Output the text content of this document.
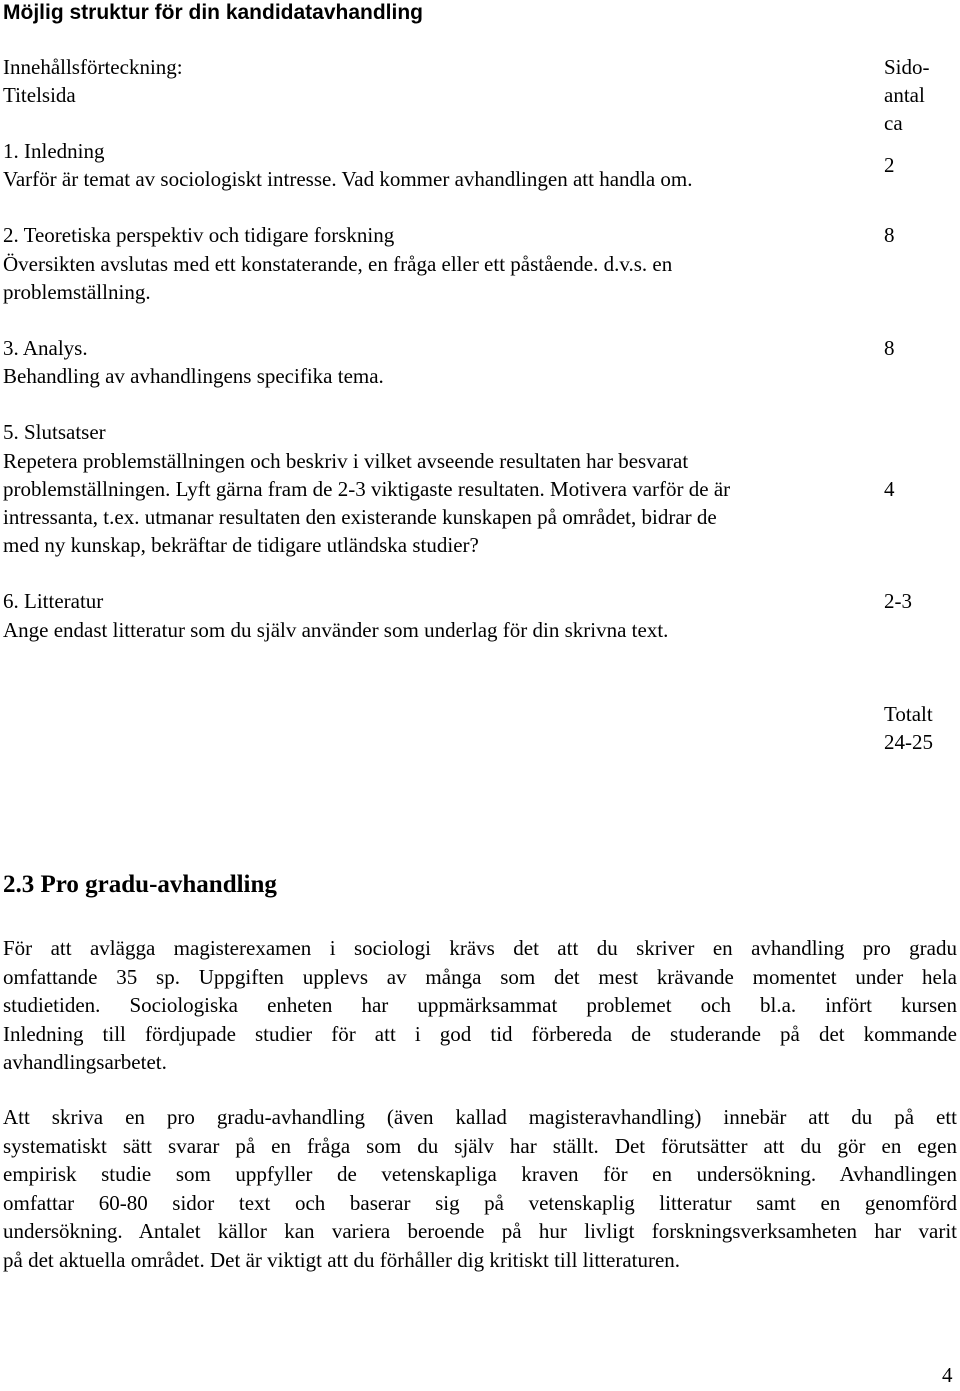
Möjlig struktur för din kandidatavhandling
Innehållsförteckning:
Titelsida
Sido-
antal
ca
1. Inledning
Varför är temat av sociologiskt intresse. Vad kommer avhandlingen att handla om.
2
2. Teoretiska perspektiv och tidigare forskning
Översikten avslutas med ett konstaterande, en fråga eller ett påstående. d.v.s. en
problemställning.
8
3. Analys.
Behandling av avhandlingens specifika tema.
8
5. Slutsatser
Repetera problemställningen och beskriv i vilket avseende resultaten har besvarat
problemställningen. Lyft gärna fram de 2-3 viktigaste resultaten. Motivera varför de är
intressanta, t.ex. utmanar resultaten den existerande kunskapen på området, bidrar de
med ny kunskap, bekräftar de tidigare utländska studier?
4
6. Litteratur
Ange endast litteratur som du själv använder som underlag för din skrivna text.
2-3
Totalt
24-25
2.3 Pro gradu-avhandling
För att avlägga magisterexamen i sociologi krävs det att du skriver en avhandling pro gradu
omfattande 35 sp. Uppgiften upplevs av många som det mest krävande momentet under hela
studietiden. Sociologiska enheten har uppmärksammat problemet och bl.a. infört kursen
Inledning till fördjupade studier för att i god tid förbereda de studerande på det kommande
avhandlingsarbetet.
Att skriva en pro gradu-avhandling (även kallad magisteravhandling) innebär att du på ett
systematiskt sätt svarar på en fråga som du själv har ställt. Det förutsätter att du gör en egen
empirisk studie som uppfyller de vetenskapliga kraven för en undersökning. Avhandlingen
omfattar 60-80 sidor text och baserar sig på vetenskaplig litteratur samt en genomförd
undersökning. Antalet källor kan variera beroende på hur livligt forskningsverksamheten har varit
på det aktuella området. Det är viktigt att du förhåller dig kritiskt till litteraturen.
4
